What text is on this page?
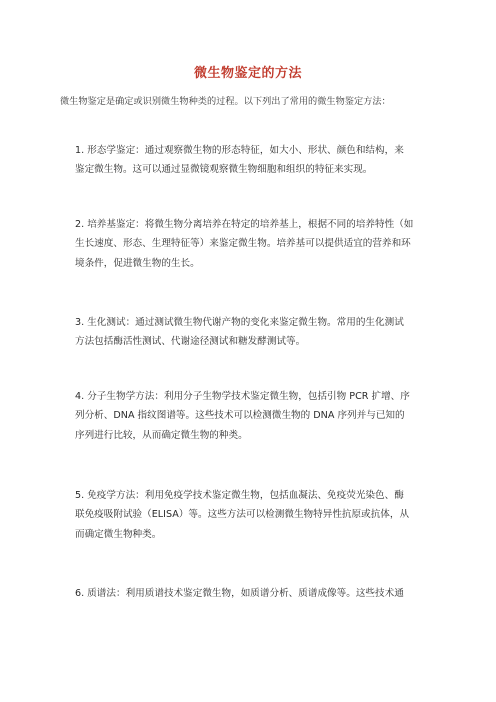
微生物鉴定的方法
微生物鉴定是确定或识别微生物种类的过程。以下列出了常用的微生物鉴定方法：
1. 形态学鉴定：通过观察微生物的形态特征，如大小、形状、颜色和结构，来
鉴定微生物。这可以通过显微镜观察微生物细胞和组织的特征来实现。
2. 培养基鉴定：将微生物分离培养在特定的培养基上，根据不同的培养特性（如
生长速度、形态、生理特征等）来鉴定微生物。培养基可以提供适宜的营养和环
境条件，促进微生物的生长。
3. 生化测试：通过测试微生物代谢产物的变化来鉴定微生物。常用的生化测试
方法包括酶活性测试、代谢途径测试和糖发酵测试等。
4. 分子生物学方法：利用分子生物学技术鉴定微生物，包括引物 PCR 扩增、序
列分析、DNA 指纹图谱等。这些技术可以检测微生物的 DNA 序列并与已知的
序列进行比较，从而确定微生物的种类。
5. 免疫学方法：利用免疫学技术鉴定微生物，包括血凝法、免疫荧光染色、酶
联免疫吸附试验（ELISA）等。这些方法可以检测微生物特异性抗原或抗体，从
而确定微生物种类。
6. 质谱法：利用质谱技术鉴定微生物，如质谱分析、质谱成像等。这些技术通
